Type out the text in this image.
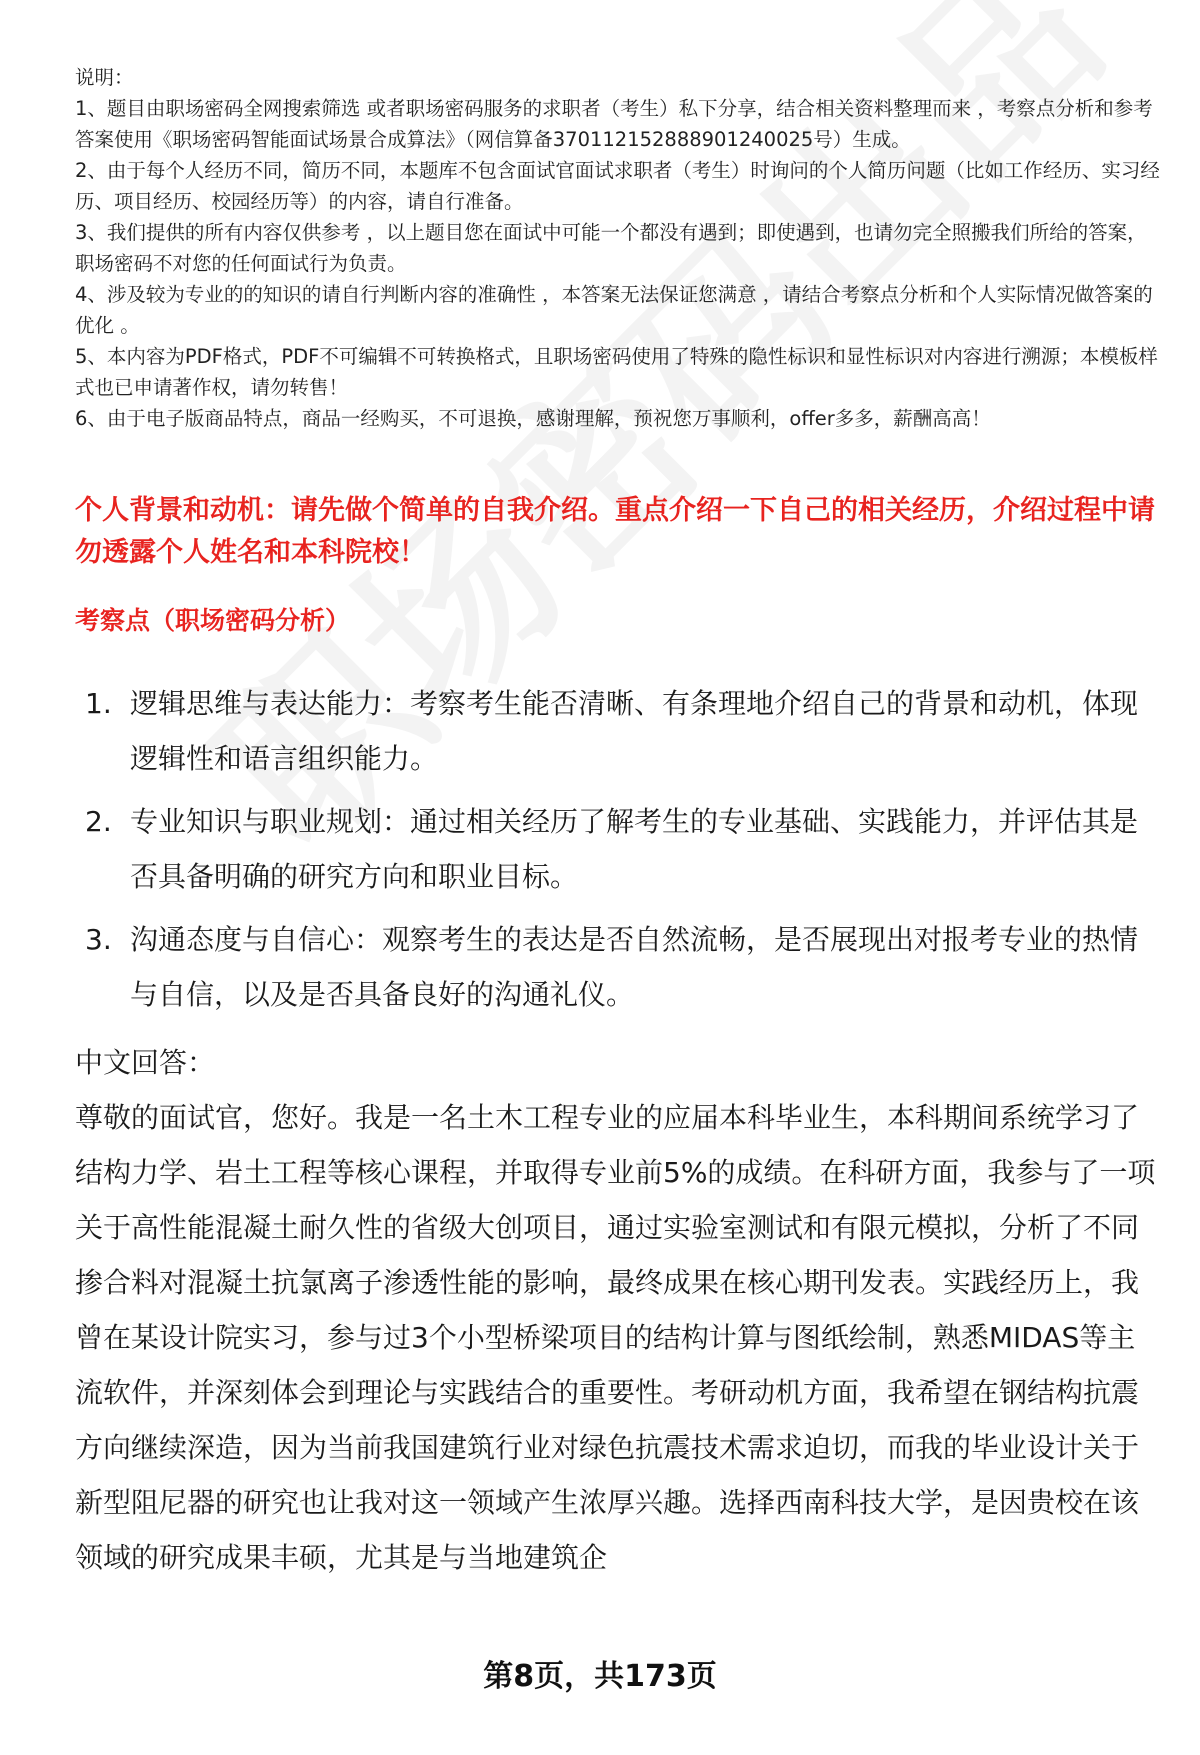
说明：

1、题目由职场密码全网搜索筛选 或者职场密码服务的求职者（考生）私下分享，结合相关资料整理而来 ，考察点分析和参考答案使用《职场密码智能面试场景合成算法》（网信算备370112152888901240025号）生成。

2、由于每个人经历不同，简历不同，本题库不包含面试官面试求职者（考生）时询问的个人简历问题（比如工作经历、实习经历、项目经历、校园经历等）的内容，请自行准备。

3、我们提供的所有内容仅供参考 ，以上题目您在面试中可能一个都没有遇到；即使遇到，也请勿完全照搬我们所给的答案，职场密码不对您的任何面试行为负责。

4、涉及较为专业的的知识的请自行判断内容的准确性 ，本答案无法保证您满意 ，请结合考察点分析和个人实际情况做答案的优化 。

5、本内容为PDF格式，PDF不可编辑不可转换格式，且职场密码使用了特殊的隐性标识和显性标识对内容进行溯源；本模板样式也已申请著作权，请勿转售！

6、由于电子版商品特点，商品一经购买，不可退换，感谢理解，预祝您万事顺利，offer多多，薪酬高高！

个人背景和动机：请先做个简单的自我介绍。重点介绍一下自己的相关经历，介绍过程中请勿透露个人姓名和本科院校！
考察点（职场密码分析）
1. 逻辑思维与表达能力：考察考生能否清晰、有条理地介绍自己的背景和动机，体现逻辑性和语言组织能力。
2. 专业知识与职业规划：通过相关经历了解考生的专业基础、实践能力，并评估其是否具备明确的研究方向和职业目标。
3. 沟通态度与自信心：观察考生的表达是否自然流畅，是否展现出对报考专业的热情与自信，以及是否具备良好的沟通礼仪。

中文回答：

尊敬的面试官，您好。我是一名土木工程专业的应届本科毕业生，本科期间系统学习了结构力学、岩土工程等核心课程，并取得专业前5%的成绩。在科研方面，我参与了一项关于高性能混凝土耐久性的省级大创项目，通过实验室测试和有限元模拟，分析了不同掺合料对混凝土抗氯离子渗透性能的影响，最终成果在核心期刊发表。实践经历上，我曾在某设计院实习，参与过3个小型桥梁项目的结构计算与图纸绘制，熟悉MIDAS等主流软件，并深刻体会到理论与实践结合的重要性。考研动机方面，我希望在钢结构抗震方向继续深造，因为当前我国建筑行业对绿色抗震技术需求迫切，而我的毕业设计关于新型阻尼器的研究也让我对这一领域产生浓厚兴趣。选择西南科技大学，是因贵校在该领域的研究成果丰硕，尤其是与当地建筑企

第8页，共173页
